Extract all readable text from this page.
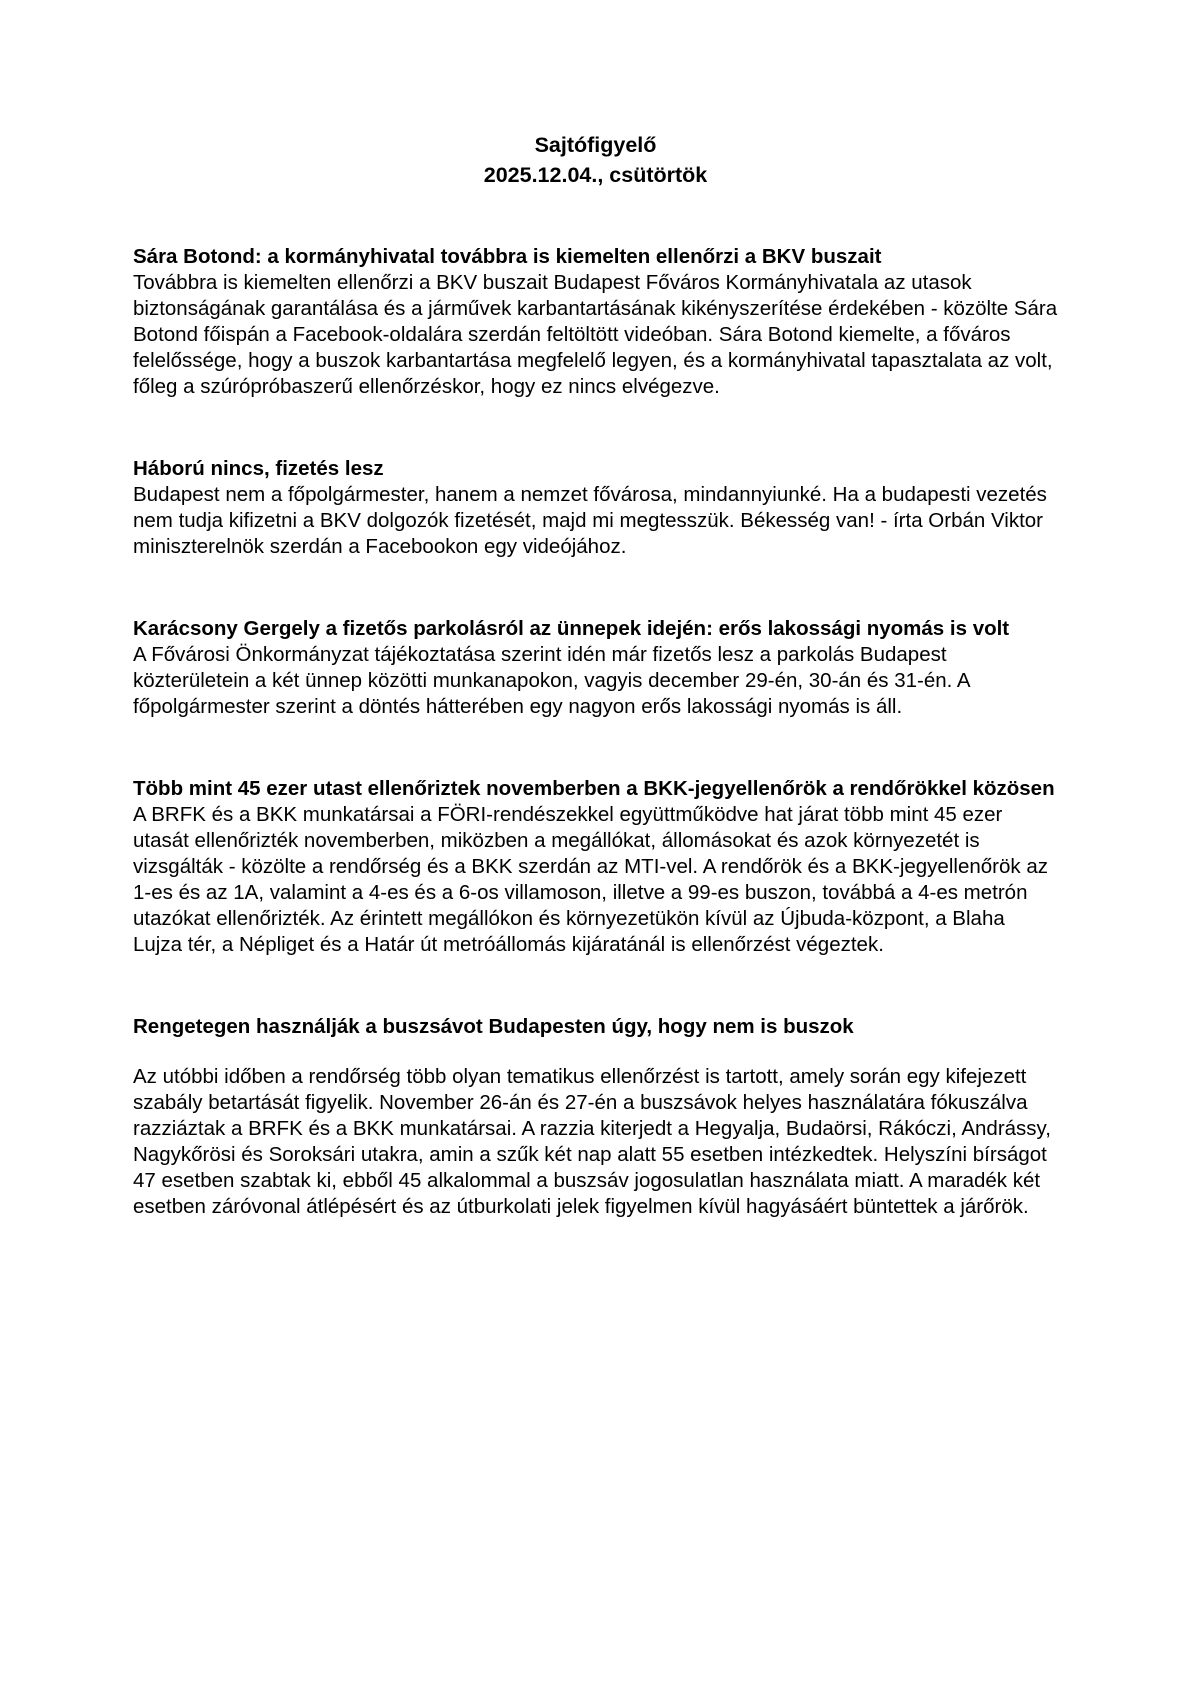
Sajtófigyelő
2025.12.04., csütörtök
Sára Botond: a kormányhivatal továbbra is kiemelten ellenőrzi a BKV buszait
Továbbra is kiemelten ellenőrzi a BKV buszait Budapest Főváros Kormányhivatala az utasok biztonságának garantálása és a járművek karbantartásának kikényszerítése érdekében - közölte Sára Botond főispán a Facebook-oldalára szerdán feltöltött videóban. Sára Botond kiemelte, a főváros felelőssége, hogy a buszok karbantartása megfelelő legyen, és a kormányhivatal tapasztalata az volt, főleg a szúrópróbaszerű ellenőrzéskor, hogy ez nincs elvégezve.
Háború nincs, fizetés lesz
Budapest nem a főpolgármester, hanem a nemzet fővárosa, mindannyiunké. Ha a budapesti vezetés nem tudja kifizetni a BKV dolgozók fizetését, majd mi megtesszük. Békesség van! - írta Orbán Viktor miniszterelnök szerdán a Facebookon egy videójához.
Karácsony Gergely a fizetős parkolásról az ünnepek idején: erős lakossági nyomás is volt
A Fővárosi Önkormányzat tájékoztatása szerint idén már fizetős lesz a parkolás Budapest közterületein a két ünnep közötti munkanapokon, vagyis december 29-én, 30-án és 31-én. A főpolgármester szerint a döntés hátterében egy nagyon erős lakossági nyomás is áll.
Több mint 45 ezer utast ellenőriztek novemberben a BKK-jegyellenőrök a rendőrökkel közösen
A BRFK és a BKK munkatársai a FÖRI-rendészekkel együttműködve hat járat több mint 45 ezer utasát ellenőrizték novemberben, miközben a megállókat, állomásokat és azok környezetét is vizsgálták - közölte a rendőrség és a BKK szerdán az MTI-vel. A rendőrök és a BKK-jegyellenőrök az 1-es és az 1A, valamint a 4-es és a 6-os villamoson, illetve a 99-es buszon, továbbá a 4-es metrón utazókat ellenőrizték. Az érintett megállókon és környezetükön kívül az Újbuda-központ, a Blaha Lujza tér, a Népliget és a Határ út metróállomás kijáratánál is ellenőrzést végeztek.
Rengetegen használják a buszsávot Budapesten úgy, hogy nem is buszok
Az utóbbi időben a rendőrség több olyan tematikus ellenőrzést is tartott, amely során egy kifejezett szabály betartását figyelik. November 26-án és 27-én a buszsávok helyes használatára fókuszálva razziáztak a BRFK és a BKK munkatársai. A razzia kiterjedt a Hegyalja, Budaörsi, Rákóczi, Andrássy, Nagykőrösi és Soroksári utakra, amin a szűk két nap alatt 55 esetben intézkedtek. Helyszíni bírságot 47 esetben szabtak ki, ebből 45 alkalommal a buszsáv jogosulatlan használata miatt. A maradék két esetben záróvonal átlépésért és az útburkolati jelek figyelmen kívül hagyásáért büntettek a járőrök.
